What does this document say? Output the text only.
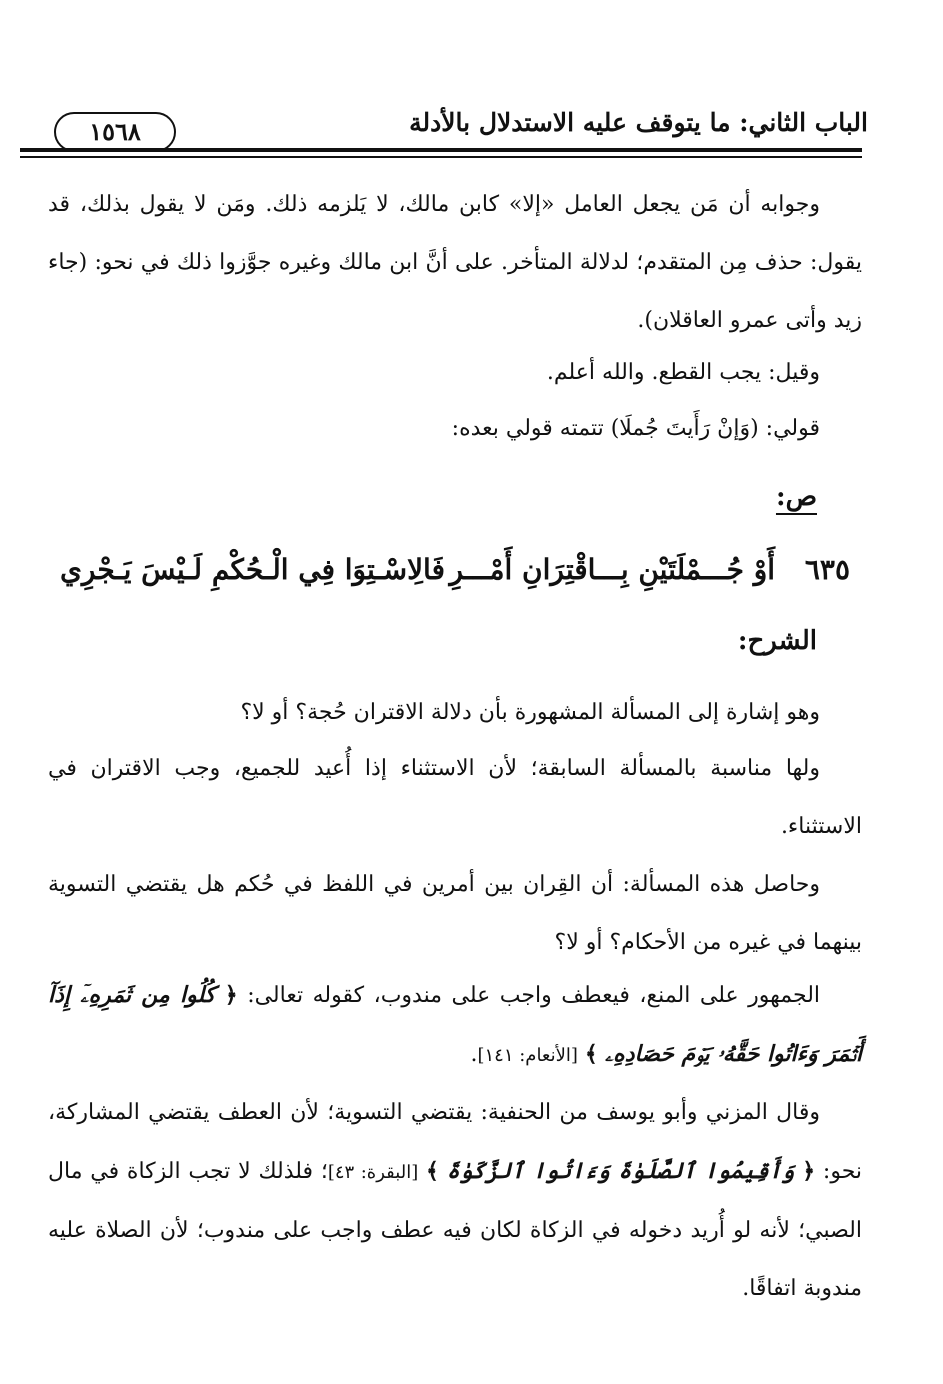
١٥٦٨	الباب الثاني: ما يتوقف عليه الاستدلال بالأدلة
وجوابه أن مَن يجعل العامل «إلا» كابن مالك، لا يَلزمه ذلك. ومَن لا يقول بذلك، قد يقول: حذف مِن المتقدم؛ لدلالة المتأخر. على أنَّ ابن مالك وغيره جوَّزوا ذلك في نحو: (جاء زيد وأتى عمرو العاقلان).
وقيل: يجب القطع. والله أعلم.
قولي: (وَإنْ رَأَيتَ جُملَا) تتمته قولي بعده:
ص:
٦٣٥
أَوْ جُـــمْلَتَيْنِ بِـــاقْتِرَانِ أَمْـــرِ
فَالِاسْـتِوَا فِي الْـحُكْمِ لَـيْسَ يَـجْرِي
الشرح:
وهو إشارة إلى المسألة المشهورة بأن دلالة الاقتران حُجة؟ أو لا؟
ولها مناسبة بالمسألة السابقة؛ لأن الاستثناء إذا أُعيد للجميع، وجب الاقتران في الاستثناء.
وحاصل هذه المسألة: أن القِران بين أمرين في اللفظ في حُكم هل يقتضي التسوية بينهما في غيره من الأحكام؟ أو لا؟
الجمهور على المنع، فيعطف واجب على مندوب، كقوله تعالى: ﴿ كُلُوا مِن ثَمَرِهِۦٓ إِذَآ أَثۡمَرَ وَءَاتُوا حَقَّهُۥ يَوۡمَ حَصَادِهِۦ ﴾ [الأنعام: ١٤١].
وقال المزني وأبو يوسف من الحنفية: يقتضي التسوية؛ لأن العطف يقتضي المشاركة، نحو: ﴿ وَأَقِيمُوا ٱلصَّلَوٰةَ وَءَاتُوا ٱلزَّكَوٰةَ ﴾ [البقرة: ٤٣]؛ فلذلك لا تجب الزكاة في مال الصبي؛ لأنه لو أُريد دخوله في الزكاة لكان فيه عطف واجب على مندوب؛ لأن الصلاة عليه مندوبة اتفاقًا.
